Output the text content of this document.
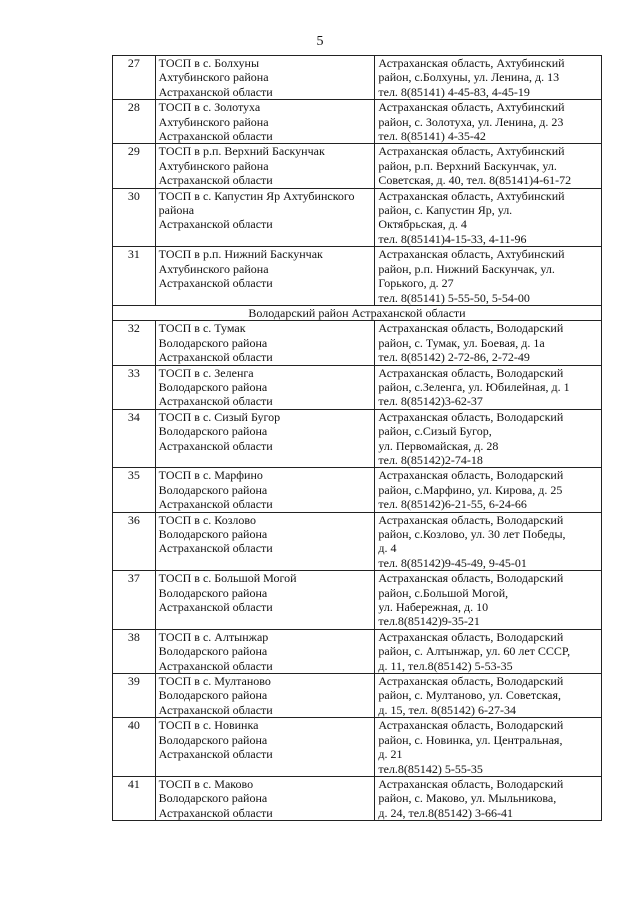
5
27	ТОСП в с. Болхуны
Ахтубинского района
Астраханской области	Астраханская область, Ахтубинский
район, с.Болхуны, ул. Ленина, д. 13
тел. 8(85141) 4-45-83, 4-45-19

28	ТОСП в с. Золотуха
Ахтубинского района
Астраханской области	Астраханская область, Ахтубинский
район, с. Золотуха, ул. Ленина, д. 23
тел. 8(85141) 4-35-42

29	ТОСП в р.п. Верхний Баскунчак
Ахтубинского района
Астраханской области	Астраханская область, Ахтубинский
район, р.п. Верхний Баскунчак, ул.
Советская, д. 40, тел. 8(85141)4-61-72

30	ТОСП в с. Капустин Яр Ахтубинского
района
Астраханской области	Астраханская область, Ахтубинский
район, с. Капустин Яр, ул.
Октябрьская, д. 4
тел. 8(85141)4-15-33, 4-11-96

31	ТОСП в р.п. Нижний Баскунчак
Ахтубинского района
Астраханской области	Астраханская область, Ахтубинский
район, р.п. Нижний Баскунчак, ул.
Горького, д. 27
тел. 8(85141) 5-55-50, 5-54-00

Володарский район Астраханской области		
32	ТОСП в с. Тумак
Володарского района
Астраханской области	Астраханская область, Володарский
район, с. Тумак, ул. Боевая, д. 1а
тел. 8(85142) 2-72-86, 2-72-49

33	ТОСП в с. Зеленга
Володарского района
Астраханской области	Астраханская область, Володарский
район, с.Зеленга, ул. Юбилейная, д. 1
тел. 8(85142)3-62-37

34	ТОСП в с. Сизый Бугор
Володарского района
Астраханской области	Астраханская область, Володарский
район, с.Сизый Бугор,
ул. Первомайская, д. 28
тел. 8(85142)2-74-18

35	ТОСП в с. Марфино
Володарского района
Астраханской области	Астраханская область, Володарский
район, с.Марфино, ул. Кирова, д. 25
тел. 8(85142)6-21-55, 6-24-66

36	ТОСП в с. Козлово
Володарского района
Астраханской области	Астраханская область, Володарский
район, с.Козлово, ул. 30 лет Победы,
д. 4
тел. 8(85142)9-45-49, 9-45-01

37	ТОСП в с. Большой Могой
Володарского района
Астраханской области	Астраханская область, Володарский
район, с.Большой Могой,
ул. Набережная, д. 10
тел.8(85142)9-35-21

38	ТОСП в с. Алтынжар
Володарского района
Астраханской области	Астраханская область, Володарский
район, с. Алтынжар, ул. 60 лет СССР,
д. 11, тел.8(85142) 5-53-35

39	ТОСП в с. Мултаново
Володарского района
Астраханской области	Астраханская область, Володарский
район, с. Мултаново, ул. Советская,
д. 15, тел. 8(85142) 6-27-34

40	ТОСП в с. Новинка
Володарского района
Астраханской области	Астраханская область, Володарский
район, с. Новинка, ул. Центральная,
д. 21
тел.8(85142) 5-55-35

41	ТОСП в с. Маково
Володарского района
Астраханской области	Астраханская область, Володарский
район, с. Маково, ул. Мыльникова,
д. 24, тел.8(85142) 3-66-41
